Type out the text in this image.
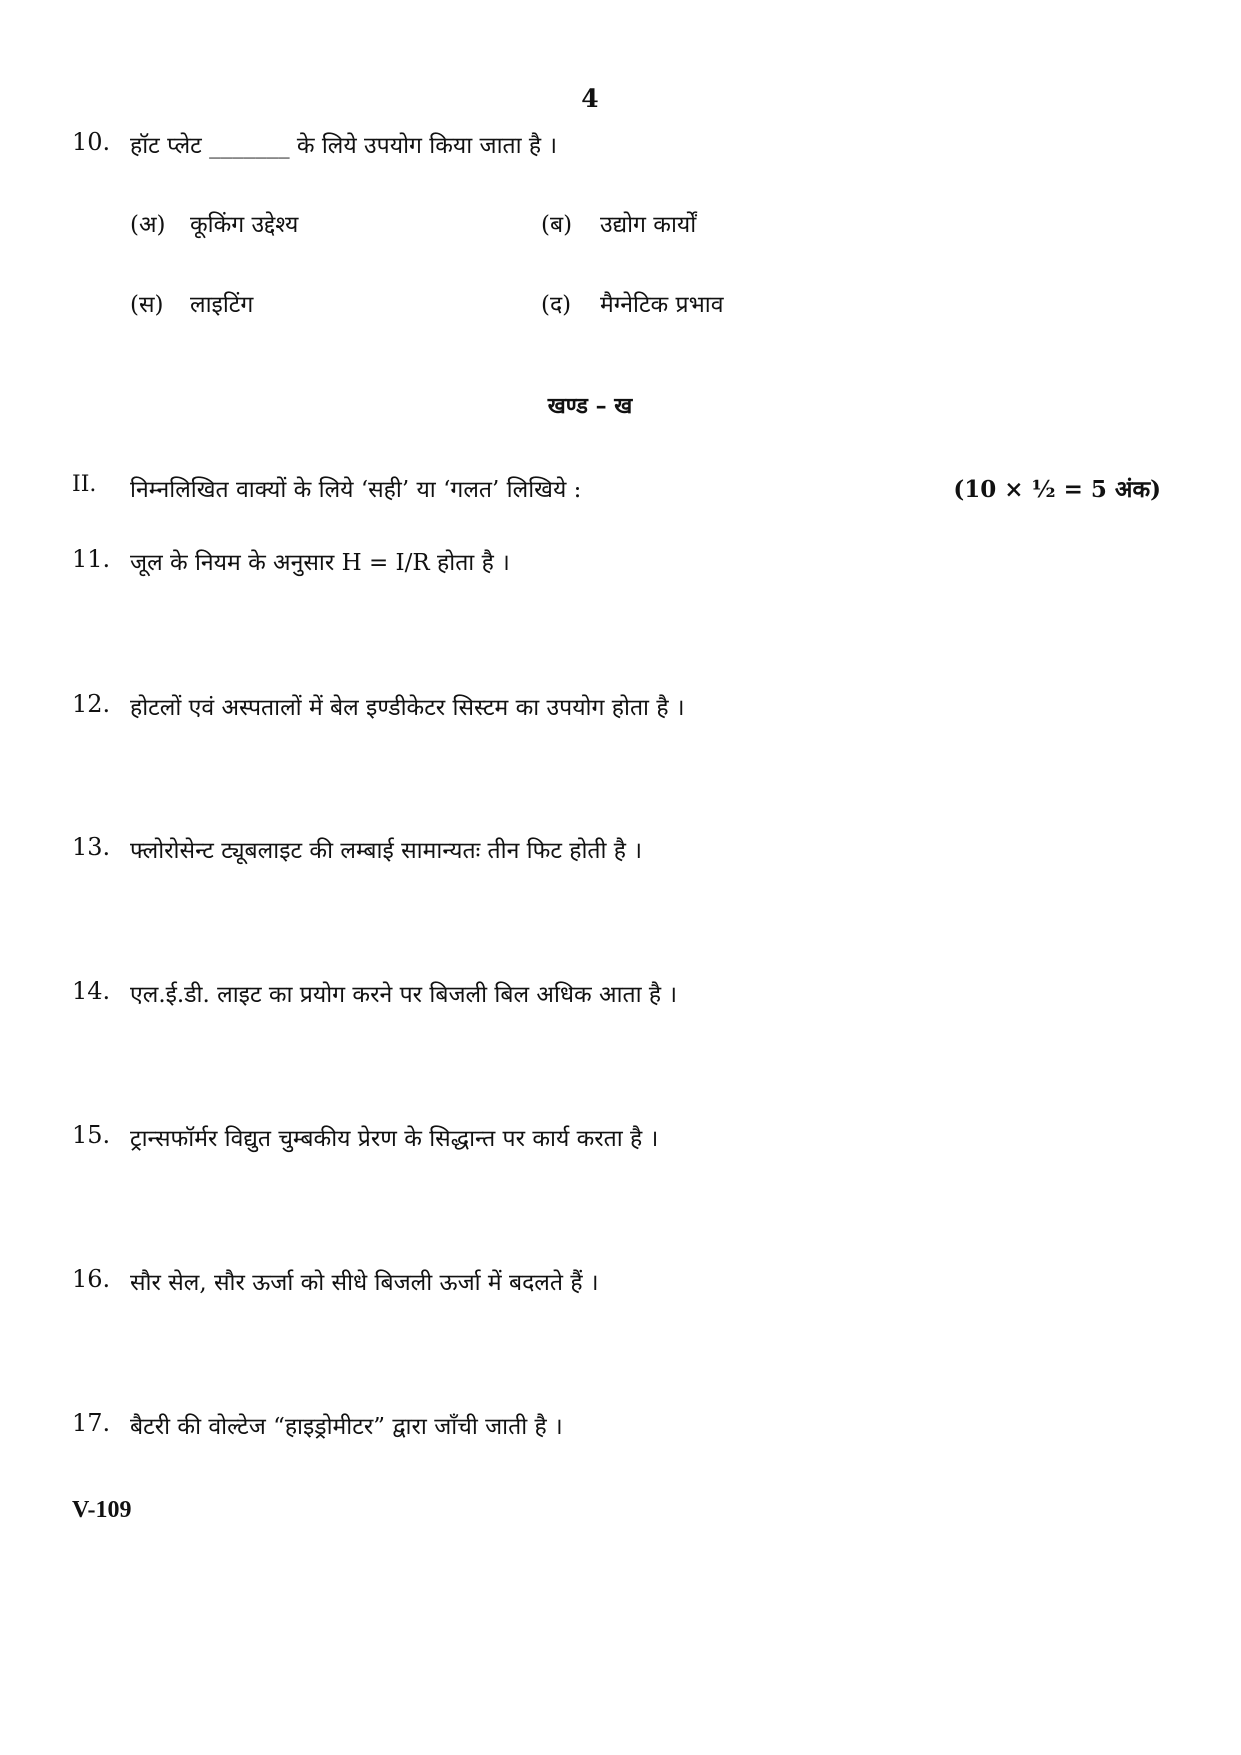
4
10. हॉट प्लेट _______ के लिये उपयोग किया जाता है ।
(अ) कूकिंग उद्देश्य	(ब) उद्योग कार्यों
(स) लाइटिंग	(द) मैग्नेटिक प्रभाव
खण्ड – ख
II. निम्नलिखित वाक्यों के लिये ‘सही’ या ‘गलत’ लिखिये :	(10 × ½ = 5 अंक)
11. जूल के नियम के अनुसार H = I/R होता है ।
12. होटलों एवं अस्पतालों में बेल इण्डीकेटर सिस्टम का उपयोग होता है ।
13. फ्लोरोसेन्ट ट्यूबलाइट की लम्बाई सामान्यतः तीन फिट होती है ।
14. एल.ई.डी. लाइट का प्रयोग करने पर बिजली बिल अधिक आता है ।
15. ट्रान्सफॉर्मर विद्युत चुम्बकीय प्रेरण के सिद्धान्त पर कार्य करता है ।
16. सौर सेल, सौर ऊर्जा को सीधे बिजली ऊर्जा में बदलते हैं ।
17. बैटरी की वोल्टेज “हाइड्रोमीटर” द्वारा जाँची जाती है ।
V-109
